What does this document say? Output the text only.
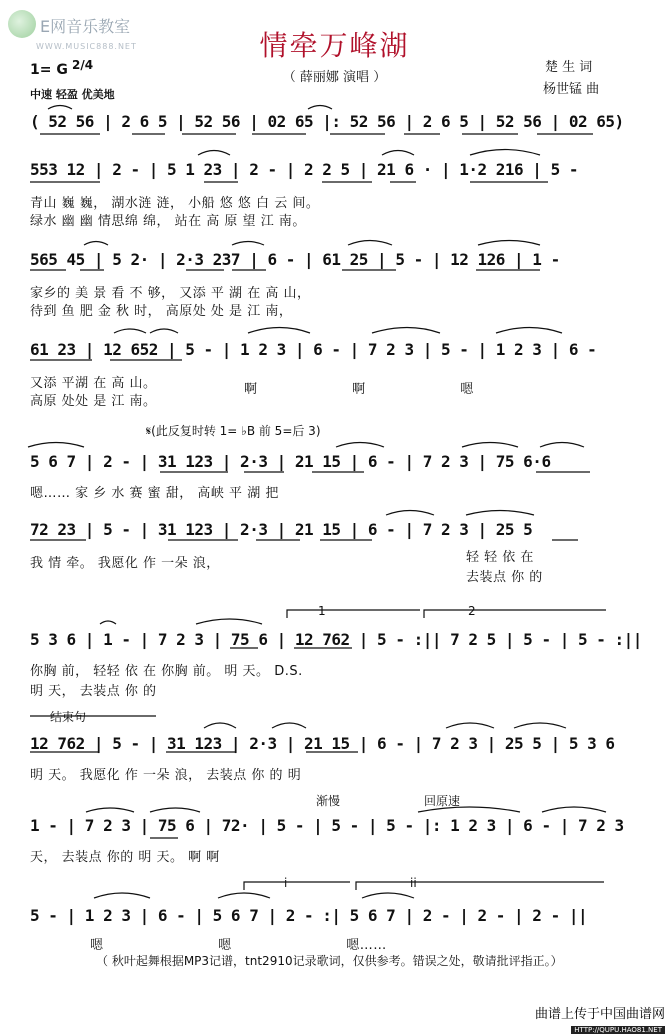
E网音乐教室
WWW.MUSIC888.NET	情牵万峰湖
（ 薛丽娜 演唱 ）
楚 生 词
杨世锰 曲
1= G 2/4
中速 轻盈 优美地
( 52 56 | 2 6 5 | 52 56 | 02 65 |: 52 56 | 2 6 5 | 52 56 | 02 65)
553 12 | 2 - | 5 1 23 | 2 - | 2 2 5 | 21 6 · | 1·2 216 | 5 -
青山 巍 巍， 湖水涟 涟， 小船 悠 悠 白 云 间。
绿水 幽 幽 情思绵 绵， 站在 高 原 望 江 南。
565 45 | 5 2· | 2·3 237 | 6 - | 61 25 | 5 - | 12 126 | 1 -
家乡的 美 景 看 不 够， 又添 平 湖 在 高 山，
待到 鱼 肥 金 秋 时， 高原处 处 是 江 南，
61 23 | 12 652 | 5 - | 1 2 3 | 6 - | 7 2 3 | 5 - | 1 2 3 | 6 -
又添 平湖 在 高 山。
高原 处处 是 江 南。
啊 啊 嗯
𝄋(此反复时转 1= ♭B 前 5=后 3)
5 6 7 | 2 - | 31 123 | 2·3 | 21 15 | 6 - | 7 2 3 | 75 6·6
嗯…… 家 乡 水 赛 蜜 甜， 高峡 平 湖 把
72 23 | 5 - | 31 123 | 2·3 | 21 15 | 6 - | 7 2 3 | 25 5
我 情 牵。 我愿化 作 一朵 浪，	轻 轻 依 在
去装点 你 的
1	2
5 3 6 | 1 - | 7 2 3 | 75 6 | 12 762 | 5 - :|| 7 2 5 | 5 - | 5 - :||
你胸 前， 轻轻 依 在 你胸 前。 明 天。 D.S.
明 天， 去装点 你 的
结束句
12 762 | 5 - | 31 123 | 2·3 | 21 15 | 6 - | 7 2 3 | 25 5 | 5 3 6
明 天。 我愿化 作 一朵 浪， 去装点 你 的 明
渐慢	回原速
1 - | 7 2 3 | 75 6 | 72· | 5 - | 5 - | 5 - |: 1 2 3 | 6 - | 7 2 3
天， 去装点 你的 明 天。 啊 啊
i	ii
5 - | 1 2 3 | 6 - | 5 6 7 | 2 - :| 5 6 7 | 2 - | 2 - | 2 - ||
嗯 嗯 嗯……
（ 秋叶起舞根据MP3记谱，tnt2910记录歌词，仅供参考。错误之处，敬请批评指正。）
曲谱上传于中国曲谱网
HTTP://QUPU.HAO81.NET
